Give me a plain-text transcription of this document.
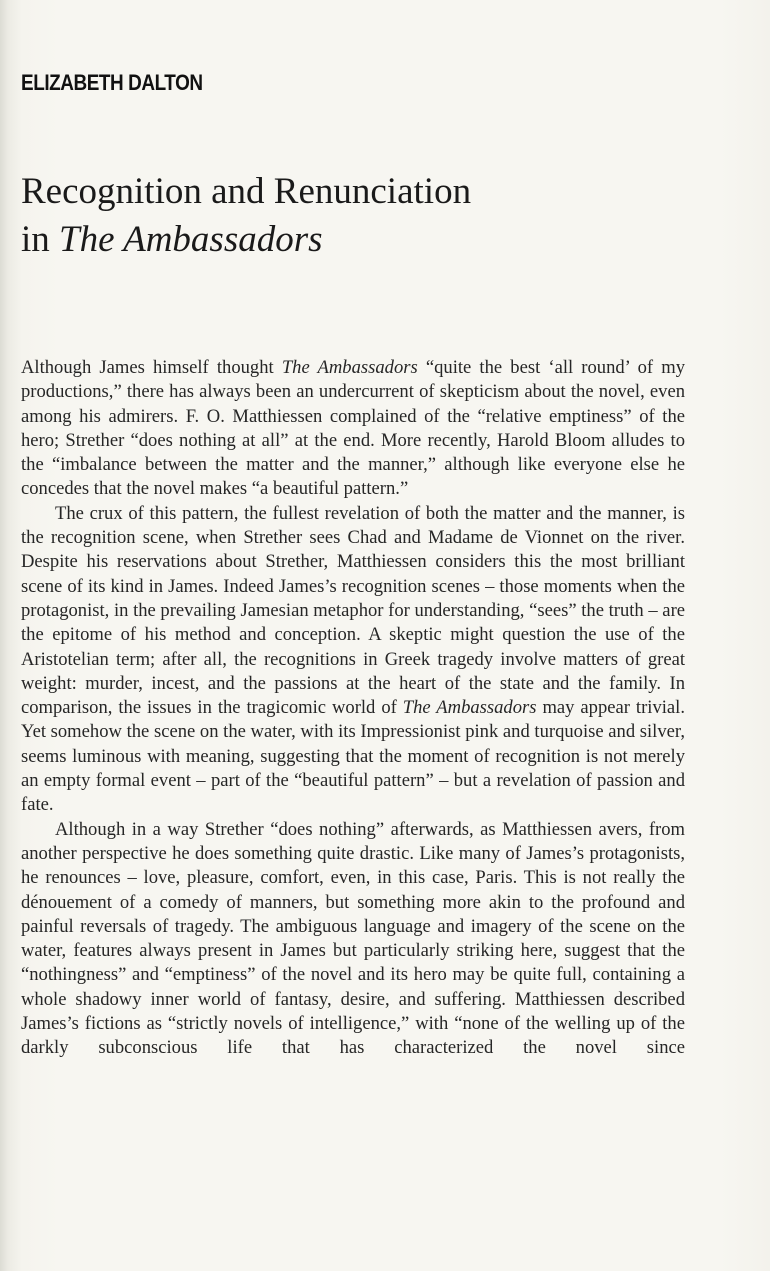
ELIZABETH DALTON
Recognition and Renunciation
in The Ambassadors

Although James himself thought The Ambassadors “quite the best ‘all round’ of my productions,” there has always been an undercurrent of skepticism about the novel, even among his admirers. F. O. Matthiessen complained of the “relative emptiness” of the hero; Strether “does nothing at all” at the end. More recently, Harold Bloom alludes to the “imbalance between the matter and the manner,” although like everyone else he concedes that the novel makes “a beautiful pattern.”

The crux of this pattern, the fullest revelation of both the matter and the manner, is the recognition scene, when Strether sees Chad and Madame de Vionnet on the river. Despite his reservations about Strether, Matthiessen considers this the most brilliant scene of its kind in James. Indeed James’s recognition scenes – those moments when the protagonist, in the prevailing Jamesian metaphor for understanding, “sees” the truth – are the epitome of his method and conception. A skeptic might question the use of the Aristotelian term; after all, the recognitions in Greek tragedy involve matters of great weight: murder, incest, and the passions at the heart of the state and the family. In comparison, the issues in the tragicomic world of The Ambassadors may appear trivial. Yet somehow the scene on the water, with its Impressionist pink and turquoise and silver, seems luminous with meaning, suggesting that the moment of recognition is not merely an empty formal event – part of the “beautiful pattern” – but a revelation of passion and fate.

Although in a way Strether “does nothing” afterwards, as Matthiessen avers, from another perspective he does something quite drastic. Like many of James’s protagonists, he renounces – love, pleasure, comfort, even, in this case, Paris. This is not really the dénouement of a comedy of manners, but something more akin to the profound and painful reversals of tragedy. The ambiguous language and imagery of the scene on the water, features always present in James but particularly striking here, suggest that the “nothingness” and “emptiness” of the novel and its hero may be quite full, containing a whole shadowy inner world of fantasy, desire, and suffering. Matthiessen described James’s fictions as “strictly novels of intelligence,” with “none of the welling up of the darkly subconscious life that has characterized the novel since
